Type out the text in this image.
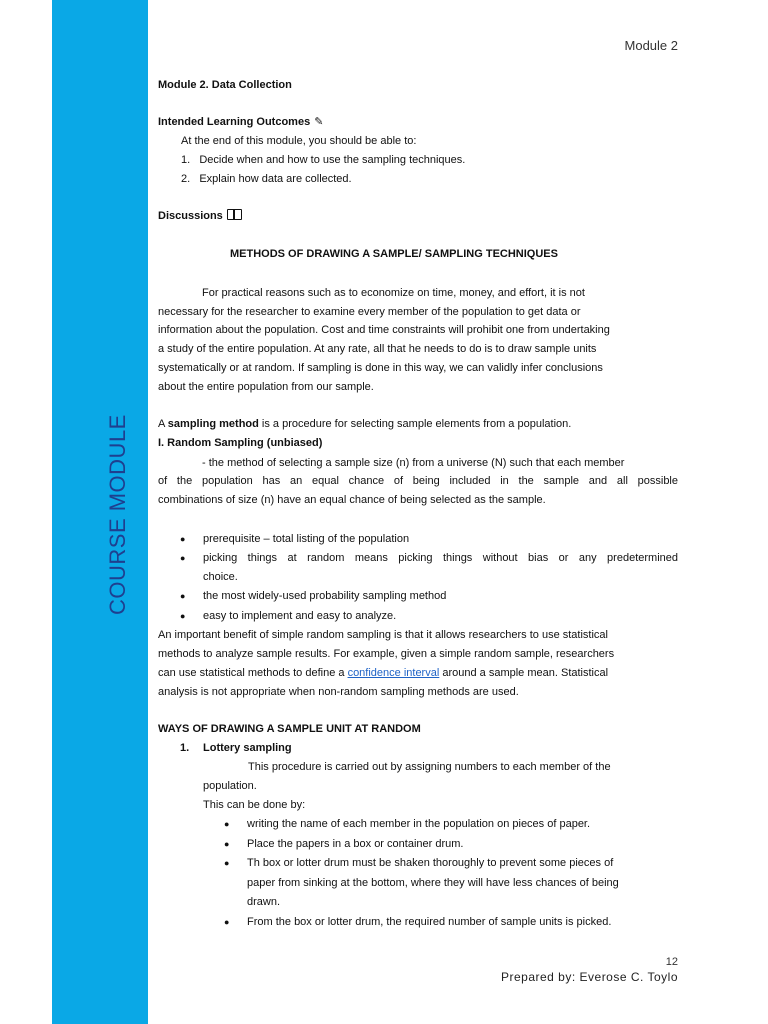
COURSE MODULE
Module 2
Module 2. Data Collection
Intended Learning Outcomes ✎
At the end of this module, you should be able to:
1.   Decide when and how to use the sampling techniques.
2.   Explain how data are collected.
Discussions
METHODS OF DRAWING A SAMPLE/ SAMPLING TECHNIQUES
For practical reasons such as to economize on time, money, and effort, it is not
necessary for the researcher to examine every member of the population to get data or
information about the population. Cost and time constraints will prohibit one from undertaking
a study of the entire population. At any rate, all that he needs to do is to draw sample units
systematically or at random. If sampling is done in this way, we can validly infer conclusions
about the entire population from our sample.
A sampling method is a procedure for selecting sample elements from a population.
I. Random Sampling (unbiased)
- the method of selecting a sample size (n) from a universe (N) such that each member
of the population has an equal chance of being included in the sample and all possible
combinations of size (n) have an equal chance of being selected as the sample.
● prerequisite – total listing of the population
● picking things at random means picking things without bias or any predetermined
choice.
● the most widely-used probability sampling method
● easy to implement and easy to analyze.
An important benefit of simple random sampling is that it allows researchers to use statistical
methods to analyze sample results. For example, given a simple random sample, researchers
can use statistical methods to define a confidence interval around a sample mean. Statistical
analysis is not appropriate when non-random sampling methods are used.
WAYS OF DRAWING A SAMPLE UNIT AT RANDOM
1. Lottery sampling
This procedure is carried out by assigning numbers to each member of the
population.
This can be done by:
● writing the name of each member in the population on pieces of paper.
● Place the papers in a box or container drum.
● Th box or lotter drum must be shaken thoroughly to prevent some pieces of
paper from sinking at the bottom, where they will have less chances of being
drawn.
● From the box or lotter drum, the required number of sample units is picked.
12
Prepared by: Everose C. Toylo
